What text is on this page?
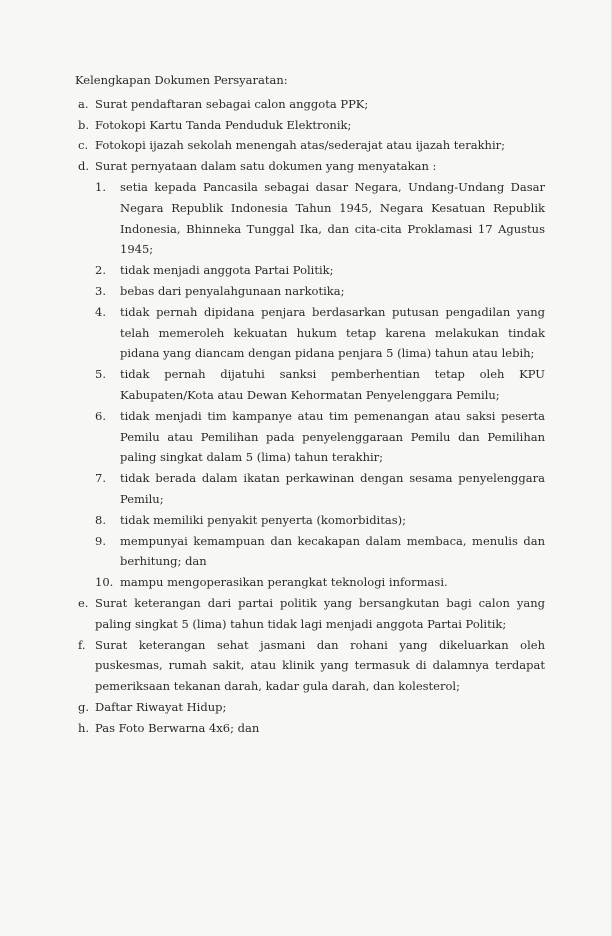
Kelengkapan Dokumen Persyaratan:

a. Surat pendaftaran sebagai calon anggota PPK;
b. Fotokopi Kartu Tanda Penduduk Elektronik;
c. Fotokopi ijazah sekolah menengah atas/sederajat atau ijazah terakhir;
d. Surat pernyataan dalam satu dokumen yang menyatakan :
1. setia kepada Pancasila sebagai dasar Negara, Undang-Undang Dasar Negara Republik Indonesia Tahun 1945, Negara Kesatuan Republik Indonesia, Bhinneka Tunggal Ika, dan cita-cita Proklamasi 17 Agustus 1945;
2. tidak menjadi anggota Partai Politik;
3. bebas dari penyalahgunaan narkotika;
4. tidak pernah dipidana penjara berdasarkan putusan pengadilan yang telah memeroleh kekuatan hukum tetap karena melakukan tindak pidana yang diancam dengan pidana penjara 5 (lima) tahun atau lebih;
5. tidak pernah dijatuhi sanksi pemberhentian tetap oleh KPU Kabupaten/Kota atau Dewan Kehormatan Penyelenggara Pemilu;
6. tidak menjadi tim kampanye atau tim pemenangan atau saksi peserta Pemilu atau Pemilihan pada penyelenggaraan Pemilu dan Pemilihan paling singkat dalam 5 (lima) tahun terakhir;
7. tidak berada dalam ikatan perkawinan dengan sesama penyelenggara Pemilu;
8. tidak memiliki penyakit penyerta (komorbiditas);
9. mempunyai kemampuan dan kecakapan dalam membaca, menulis dan berhitung; dan
10. mampu mengoperasikan perangkat teknologi informasi.
e. Surat keterangan dari partai politik yang bersangkutan bagi calon yang paling singkat 5 (lima) tahun tidak lagi menjadi anggota Partai Politik;
f. Surat keterangan sehat jasmani dan rohani yang dikeluarkan oleh puskesmas, rumah sakit, atau klinik yang termasuk di dalamnya terdapat pemeriksaan tekanan darah, kadar gula darah, dan kolesterol;
g. Daftar Riwayat Hidup;
h. Pas Foto Berwarna 4x6; dan
